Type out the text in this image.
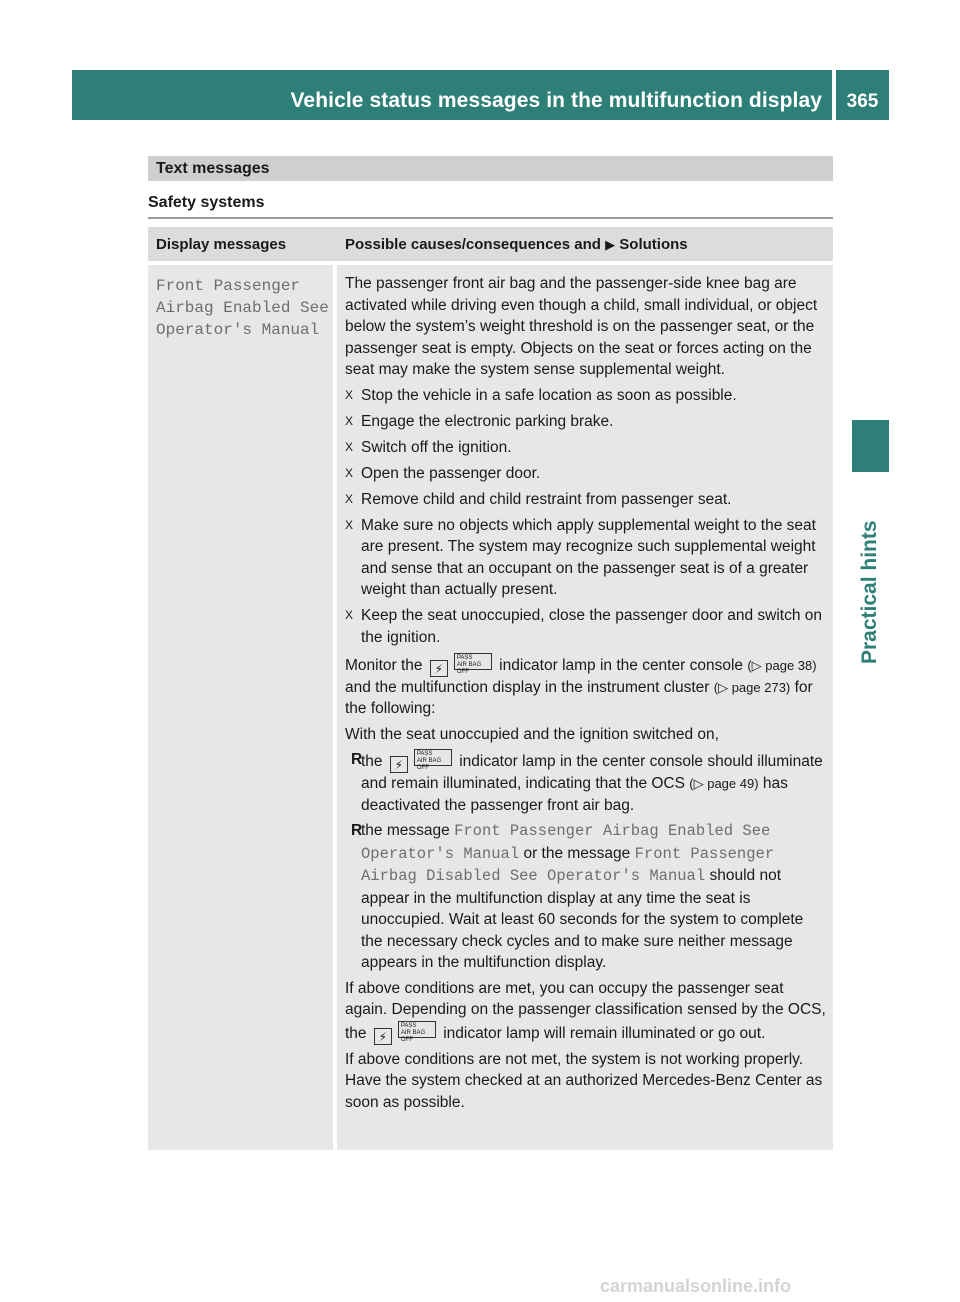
Vehicle status messages in the multifunction display 365
Practical hints
Text messages
Safety systems
Display messages	Possible causes/consequences and ▶ Solutions
Front Passenger
Airbag Enabled See
Operator's Manual

The passenger front air bag and the passenger-side knee bag are activated while driving even though a child, small individual, or object below the system’s weight threshold is on the passenger seat, or the passenger seat is empty. Objects on the seat or forces acting on the seat may make the system sense supplemental weight.

X Stop the vehicle in a safe location as soon as possible.
X Engage the electronic parking brake.
X Switch off the ignition.
X Open the passenger door.
X Remove child and child restraint from passenger seat.
X Make sure no objects which apply supplemental weight to the seat are present. The system may recognize such supplemental weight and sense that an occupant on the passenger seat is of a greater weight than actually present.
X Keep the seat unoccupied, close the passenger door and switch on the ignition.

Monitor the ⚡PASS
AIR BAG OFF indicator lamp in the center console (▷ page 38) and the multifunction display in the instrument cluster (▷ page 273) for the following:

With the seat unoccupied and the ignition switched on,

R
the ⚡PASS
AIR BAG OFF indicator lamp in the center console should illuminate and remain illuminated, indicating that the OCS (▷ page 49) has deactivated the passenger front air bag.
R
the message Front Passenger Airbag Enabled See Operator's Manual or the message Front Passenger Airbag Disabled See Operator's Manual should not appear in the multifunction display at any time the seat is unoccupied. Wait at least 60 seconds for the system to complete the necessary check cycles and to make sure neither message appears in the multifunction display.

If above conditions are met, you can occupy the passenger seat again. Depending on the passenger classification sensed by the OCS, the ⚡PASS
AIR BAG OFF indicator lamp will remain illuminated or go out.

If above conditions are not met, the system is not working properly. Have the system checked at an authorized Mercedes-Benz Center as soon as possible.

carmanualsonline.info
